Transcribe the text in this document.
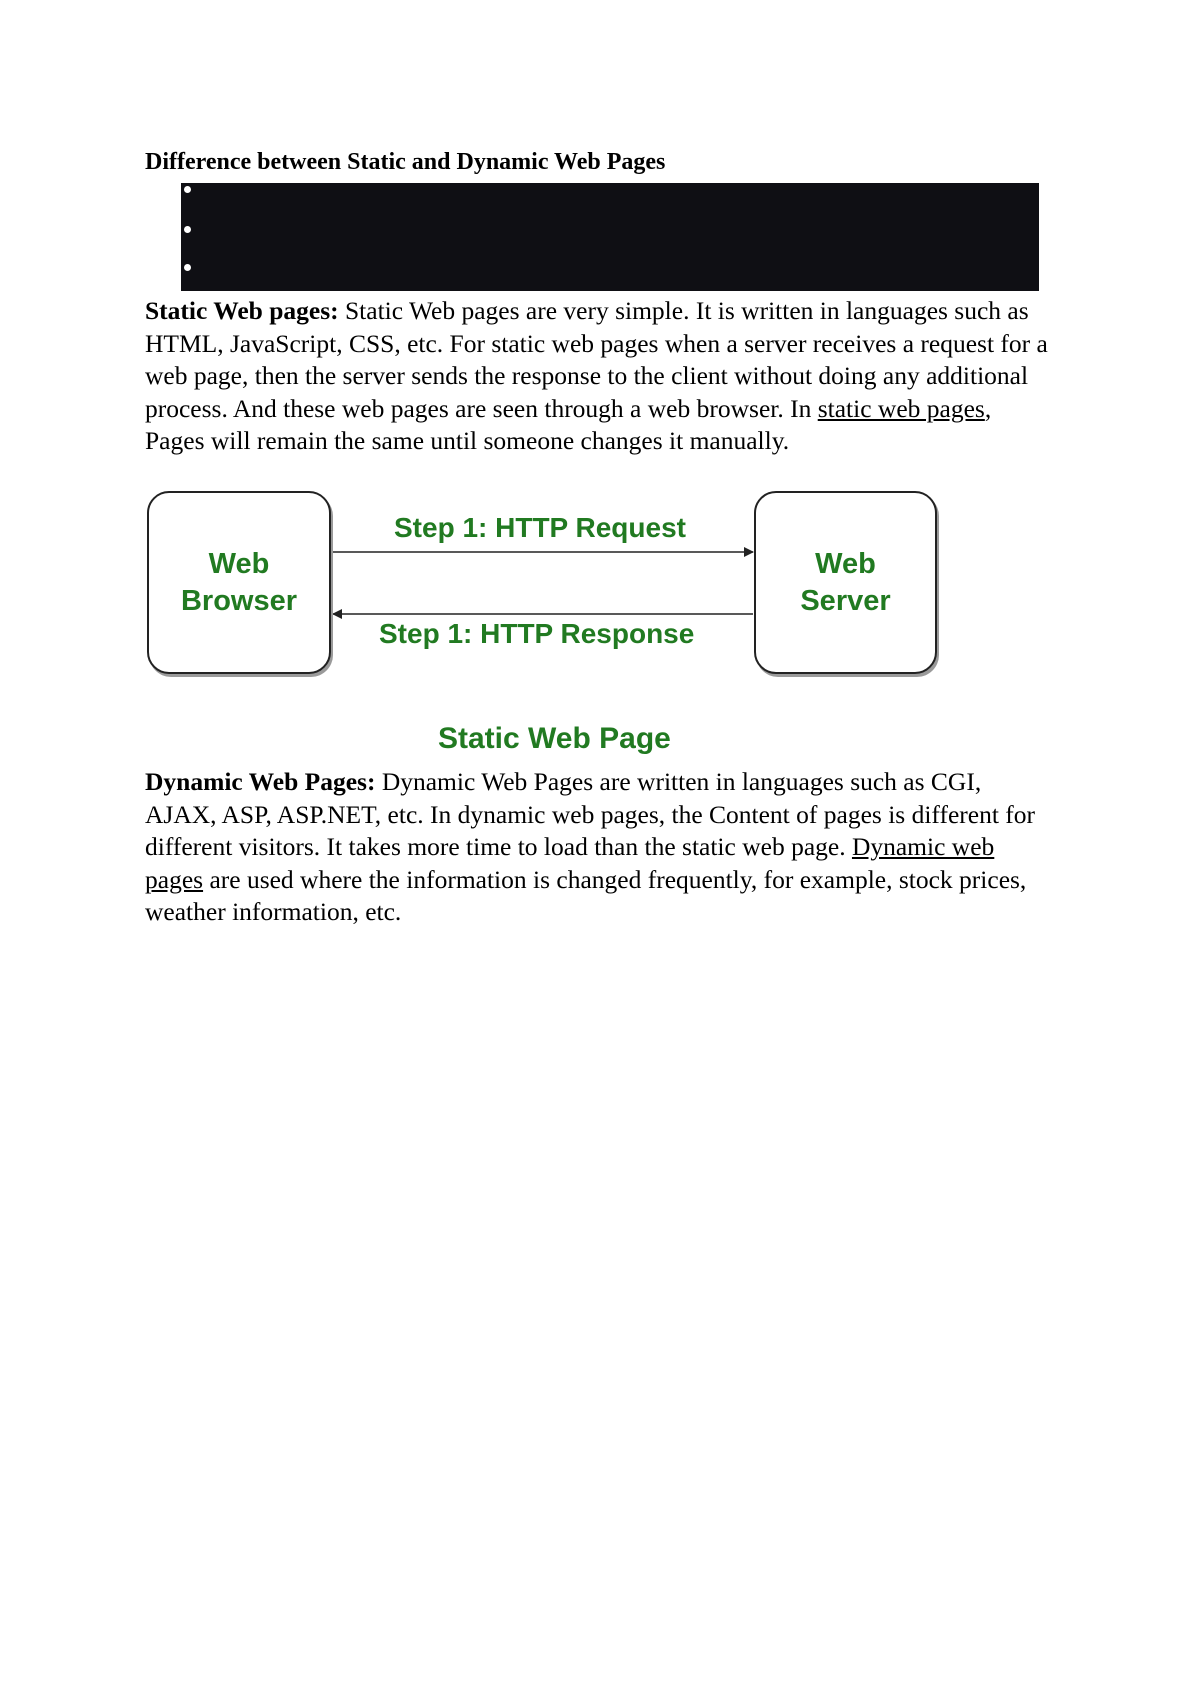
Difference between Static and Dynamic Web Pages

Static Web pages: Static Web pages are very simple. It is written in languages such as HTML, JavaScript, CSS, etc. For static web pages when a server receives a request for a web page, then the server sends the response to the client without doing any additional process. And these web pages are seen through a web browser. In static web pages, Pages will remain the same until someone changes it manually.

Web
Browser
Web
Server
Step 1: HTTP Request
Step 1: HTTP Response
Static Web Page

Dynamic Web Pages: Dynamic Web Pages are written in languages such as CGI, AJAX, ASP, ASP.NET, etc. In dynamic web pages, the Content of pages is different for different visitors. It takes more time to load than the static web page. Dynamic web pages are used where the information is changed frequently, for example, stock prices, weather information, etc.
